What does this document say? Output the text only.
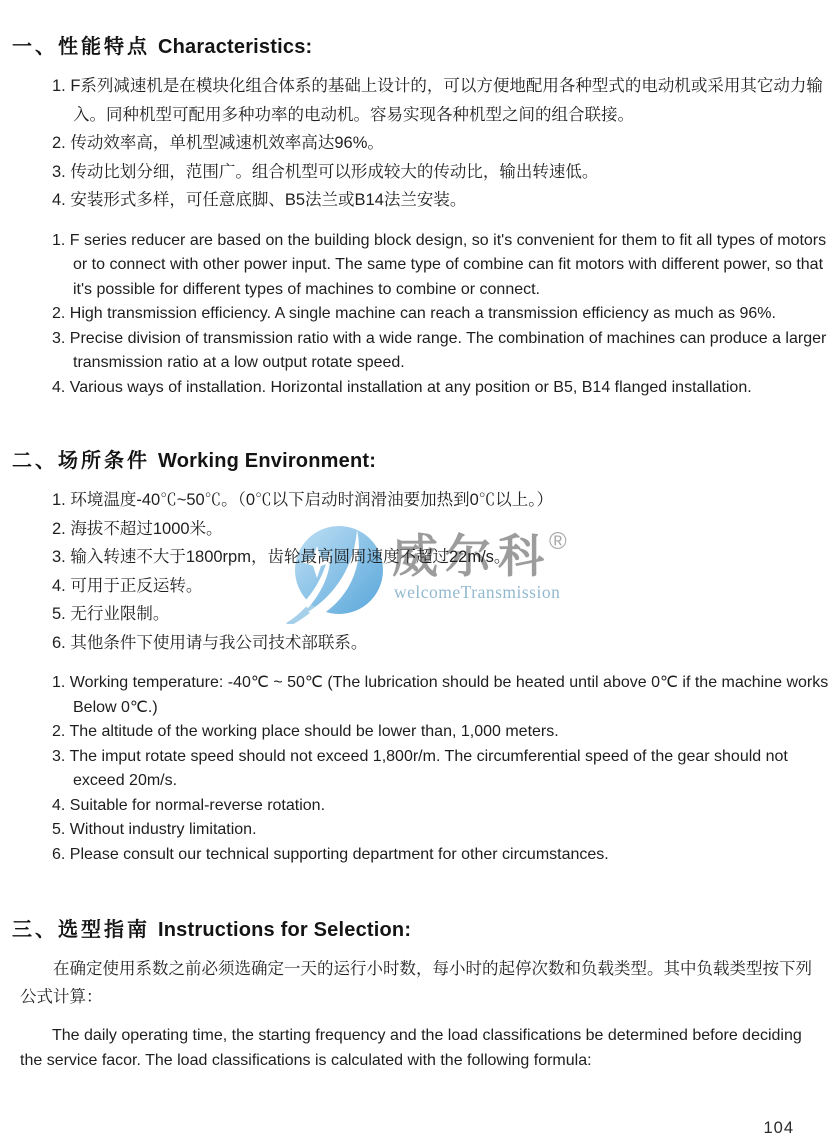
威尔科
®
welcomeTransmission
一、性能特点 Characteristics:
1. F系列减速机是在模块化组合体系的基础上设计的，可以方便地配用各种型式的电动机或采用其它动力输入。同种机型可配用多种功率的电动机。容易实现各种机型之间的组合联接。
2. 传动效率高，单机型减速机效率高达96%。
3. 传动比划分细，范围广。组合机型可以形成较大的传动比，输出转速低。
4. 安装形式多样，可任意底脚、B5法兰或B14法兰安装。
1. F series reducer are based on the building block design, so it's convenient for them to fit all types of motors or to connect with other power input. The same type of combine can fit motors with different power, so that it's possible for different types of machines to combine or connect.
2. High transmission efficiency. A single machine can reach a transmission efficiency as much as 96%.
3. Precise division of transmission ratio with a wide range. The combination of machines can produce a larger transmission ratio at a low output rotate speed.
4. Various ways of installation. Horizontal installation at any position or B5, B14 flanged installation.
二、场所条件 Working Environment:
1. 环境温度-40℃~50℃。（0℃以下启动时润滑油要加热到0℃以上。）
2. 海拔不超过1000米。
3. 输入转速不大于1800rpm，齿轮最高圆周速度不超过22m/s。
4. 可用于正反运转。
5. 无行业限制。
6. 其他条件下使用请与我公司技术部联系。
1. Working temperature: -40℃ ~ 50℃ (The lubrication should be heated until above 0℃ if the machine works Below 0℃.)
2. The altitude of the working place should be lower than, 1,000 meters.
3. The imput rotate speed should not exceed 1,800r/m. The circumferential speed of the gear should not exceed 20m/s.
4. Suitable for normal-reverse rotation.
5. Without industry limitation.
6. Please consult our technical supporting department for other circumstances.
三、选型指南 Instructions for Selection:

在确定使用系数之前必须选确定一天的运行小时数，每小时的起停次数和负载类型。其中负载类型按下列公式计算：

The daily operating time, the starting frequency and the load classifications be determined before deciding the service facor. The load classifications is calculated with the following formula:

104
